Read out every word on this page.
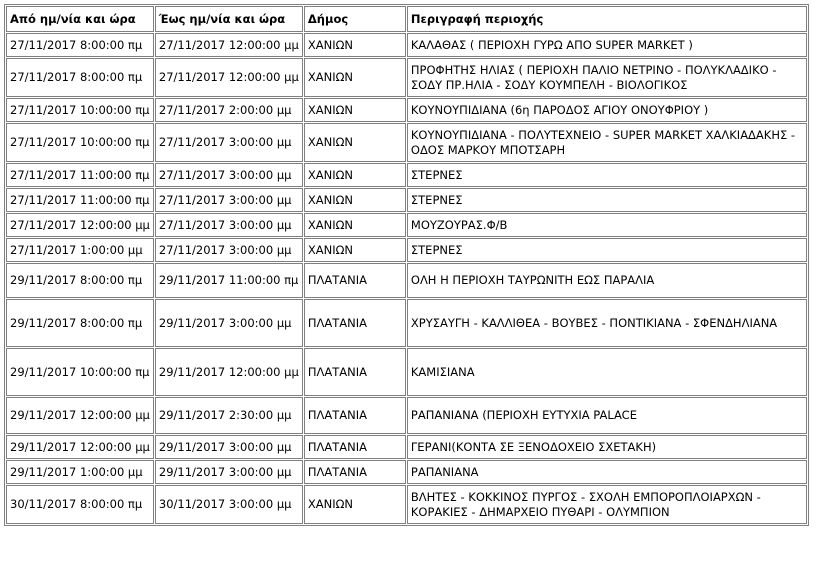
Από ημ/νία και ώρα	Έως ημ/νία και ώρα	Δήμος	Περιγραφή περιοχής
27/11/2017 8:00:00 πμ	27/11/2017 12:00:00 μμ	ΧΑΝΙΩΝ	ΚΑΛΑΘΑΣ ( ΠΕΡΙΟΧΗ ΓΥΡΩ ΑΠΟ SUPER MARKET )
27/11/2017 8:00:00 πμ	27/11/2017 12:00:00 μμ	ΧΑΝΙΩΝ	ΠΡΟΦΗΤΗΣ ΗΛΙΑΣ ( ΠΕΡΙΟΧΗ ΠΑΛΙΟ ΝΕΤΡΙΝΟ - ΠΟΛΥΚΛΑΔΙΚΟ - ΣΟΔΥ ΠΡ.ΗΛΙΑ - ΣΟΔΥ ΚΟΥΜΠΕΛΗ - ΒΙΟΛΟΓΙΚΟΣ
27/11/2017 10:00:00 πμ	27/11/2017 2:00:00 μμ	ΧΑΝΙΩΝ	ΚΟΥΝΟΥΠΙΔΙΑΝΑ (6η ΠΑΡΟΔΟΣ ΑΓΙΟΥ ΟΝΟΥΦΡΙΟΥ )
27/11/2017 10:00:00 πμ	27/11/2017 3:00:00 μμ	ΧΑΝΙΩΝ	ΚΟΥΝΟΥΠΙΔΙΑΝΑ - ΠΟΛΥΤΕΧΝΕΙΟ - SUPER MARKET ΧΑΛΚΙΑΔΑΚΗΣ - ΟΔΟΣ ΜΑΡΚΟΥ ΜΠΟΤΣΑΡΗ
27/11/2017 11:00:00 πμ	27/11/2017 3:00:00 μμ	ΧΑΝΙΩΝ	ΣΤΕΡΝΕΣ
27/11/2017 11:00:00 πμ	27/11/2017 3:00:00 μμ	ΧΑΝΙΩΝ	ΣΤΕΡΝΕΣ
27/11/2017 12:00:00 μμ	27/11/2017 3:00:00 μμ	ΧΑΝΙΩΝ	ΜΟΥΖΟΥΡΑΣ.Φ/Β
27/11/2017 1:00:00 μμ	27/11/2017 3:00:00 μμ	ΧΑΝΙΩΝ	ΣΤΕΡΝΕΣ
29/11/2017 8:00:00 πμ	29/11/2017 11:00:00 πμ	ΠΛΑΤΑΝΙΑ	ΟΛΗ Η ΠΕΡΙΟΧΗ ΤΑΥΡΩΝΙΤΗ ΕΩΣ ΠΑΡΑΛΙΑ
29/11/2017 8:00:00 πμ	29/11/2017 3:00:00 μμ	ΠΛΑΤΑΝΙΑ	ΧΡΥΣΑΥΓΗ - ΚΑΛΛΙΘΕΑ - ΒΟΥΒΕΣ - ΠΟΝΤΙΚΙΑΝΑ - ΣΦΕΝΔΗΛΙΑΝΑ
29/11/2017 10:00:00 πμ	29/11/2017 12:00:00 μμ	ΠΛΑΤΑΝΙΑ	ΚΑΜΙΣΙΑΝΑ
29/11/2017 12:00:00 μμ	29/11/2017 2:30:00 μμ	ΠΛΑΤΑΝΙΑ	ΡΑΠΑΝΙΑΝΑ (ΠΕΡΙΟΧΗ ΕΥΤΥΧΙΑ PALACE
29/11/2017 12:00:00 μμ	29/11/2017 3:00:00 μμ	ΠΛΑΤΑΝΙΑ	ΓΕΡΑΝΙ(ΚΟΝΤΑ ΣΕ ΞΕΝΟΔΟΧΕΙΟ ΣΧΕΤΑΚΗ)
29/11/2017 1:00:00 μμ	29/11/2017 3:00:00 μμ	ΠΛΑΤΑΝΙΑ	ΡΑΠΑΝΙΑΝΑ
30/11/2017 8:00:00 πμ	30/11/2017 3:00:00 μμ	ΧΑΝΙΩΝ	ΒΛΗΤΕΣ - ΚΟΚΚΙΝΟΣ ΠΥΡΓΟΣ - ΣΧΟΛΗ ΕΜΠΟΡΟΠΛΟΙΑΡΧΩΝ - ΚΟΡΑΚΙΕΣ - ΔΗΜΑΡΧΕΙΟ ΠΥΘΑΡΙ - ΟΛΥΜΠΙΟΝ
